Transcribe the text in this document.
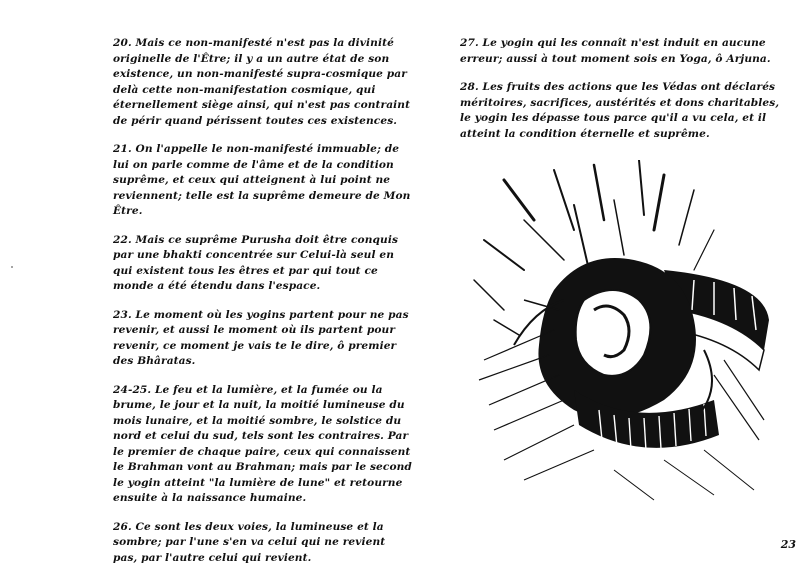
20. Mais ce non-manifesté n'est pas la divinité originelle de l'Être; il y a un autre état de son existence, un non-manifesté supra-cosmique par delà cette non-manifestation cosmique, qui éternellement siège ainsi, qui n'est pas contraint de périr quand périssent toutes ces existences.

21. On l'appelle le non-manifesté immuable; de lui on parle comme de l'âme et de la condition suprême, et ceux qui atteignent à lui point ne reviennent; telle est la suprême demeure de Mon Être.

22. Mais ce suprême Purusha doit être conquis par une bhakti concentrée sur Celui-là seul en qui existent tous les êtres et par qui tout ce monde a été étendu dans l'espace.

23. Le moment où les yogins partent pour ne pas revenir, et aussi le moment où ils partent pour revenir, ce moment je vais te le dire, ô premier des Bhâratas.

24-25. Le feu et la lumière, et la fumée ou la brume, le jour et la nuit, la moitié lumineuse du mois lunaire, et la moitié sombre, le solstice du nord et celui du sud, tels sont les contraires. Par le premier de chaque paire, ceux qui connaissent le Brahman vont au Brahman; mais par le second le yogin atteint "la lumière de lune" et retourne ensuite à la naissance humaine.

26. Ce sont les deux voies, la lumineuse et la sombre; par l'une s'en va celui qui ne revient pas, par l'autre celui qui revient.

27. Le yogin qui les connaît n'est induit en aucune erreur; aussi à tout moment sois en Yoga, ô Arjuna.

28. Les fruits des actions que les Védas ont déclarés méritoires, sacrifices, austérités et dons charitables, le yogin les dépasse tous parce qu'il a vu cela, et il atteint la condition éternelle et suprême.

23
